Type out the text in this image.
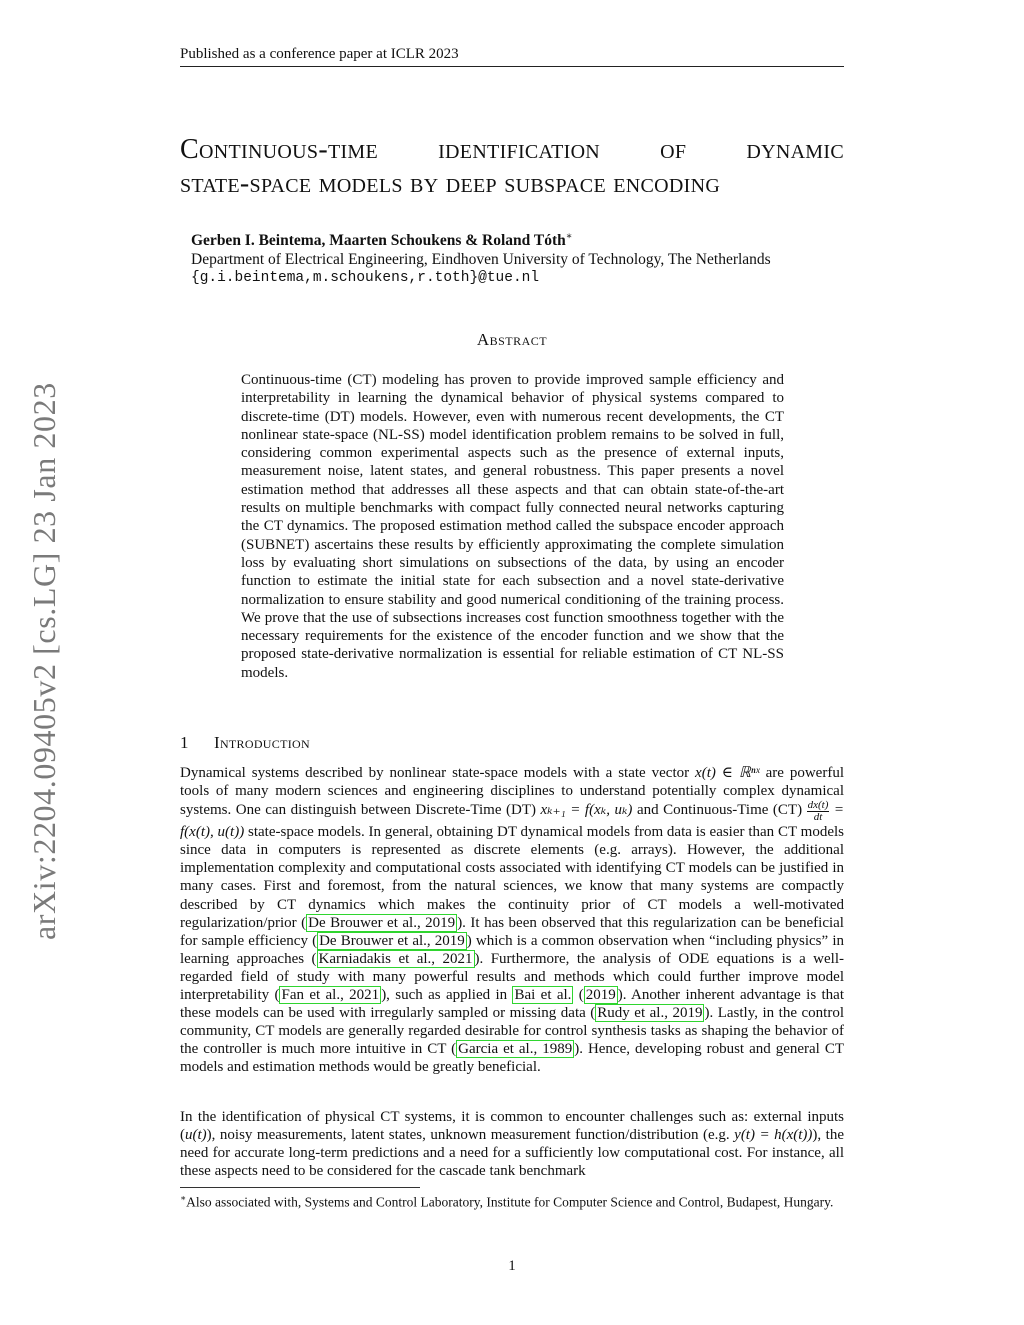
Published as a conference paper at ICLR 2023
Continuous-time identification of dynamic
state-space models by deep subspace encoding
Gerben I. Beintema, Maarten Schoukens & Roland Tóth∗
Department of Electrical Engineering, Eindhoven University of Technology, The Netherlands
{g.i.beintema,m.schoukens,r.toth}@tue.nl
Abstract
Continuous-time (CT) modeling has proven to provide improved sample efficiency and interpretability in learning the dynamical behavior of physical systems compared to discrete-time (DT) models. However, even with numerous recent developments, the CT nonlinear state-space (NL-SS) model identification problem remains to be solved in full, considering common experimental aspects such as the presence of external inputs, measurement noise, latent states, and general robustness. This paper presents a novel estimation method that addresses all these aspects and that can obtain state-of-the-art results on multiple benchmarks with compact fully connected neural networks capturing the CT dynamics. The proposed estimation method called the subspace encoder approach (SUBNET) ascertains these results by efficiently approximating the complete simulation loss by evaluating short simulations on subsections of the data, by using an encoder function to estimate the initial state for each subsection and a novel state-derivative normalization to ensure stability and good numerical conditioning of the training process. We prove that the use of subsections increases cost function smoothness together with the necessary requirements for the existence of the encoder function and we show that the proposed state-derivative normalization is essential for reliable estimation of CT NL-SS models.
arXiv:2204.09405v2 [cs.LG] 23 Jan 2023	1 Introduction
Dynamical systems described by nonlinear state-space models with a state vector x(t) ∈ ℝⁿˣ are powerful tools of many modern sciences and engineering disciplines to understand potentially complex dynamical systems. One can distinguish between Discrete-Time (DT) xₖ₊₁ = f(xₖ, uₖ) and Continuous-Time $(CT) \frac{dx(t)}{dt} = f(x(t)$, u(t)) state-space models. In general, obtaining DT dynamical models from data is easier than CT models since data in computers is represented as discrete elements (e.g. arrays). However, the additional implementation complexity and computational costs associated with identifying CT models can be justified in many cases. First and foremost, from the natural sciences, we know that many systems are compactly described by CT dynamics which makes the continuity prior of CT models a well-motivated regularization/prior ( De Brouwer et al., 2019 ). It has been observed that this regularization can be beneficial for sample efficiency ( De Brouwer et al., 2019 ) which is a common observation when “including physics” in learning approaches ( Karniadakis et al., 2021 ). Furthermore, the analysis of ODE equations is a well-regarded field of study with many powerful results and methods which could further improve model interpretability ( Fan et al., 2021 ), such as applied in Bai et al. ( 2019 ). Another inherent advantage is that these models can be used with irregularly sampled or missing data ( Rudy et al., 2019 ). Lastly, in the control community, CT models are generally regarded desirable for control synthesis tasks as shaping the behavior of the controller is much more intuitive in CT ( Garcia et al., 1989 ). Hence, developing robust and general CT models and estimation methods would be greatly beneficial.
In the identification of physical CT systems, it is common to encounter challenges such as: external inputs (u(t)), noisy measurements, latent states, unknown measurement function/distribution (e.g. y(t) = h(x(t))), the need for accurate long-term predictions and a need for a sufficiently low computational cost. For instance, all these aspects need to be considered for the cascade tank benchmark
∗Also associated with, Systems and Control Laboratory, Institute for Computer Science and Control, Budapest, Hungary.
1
